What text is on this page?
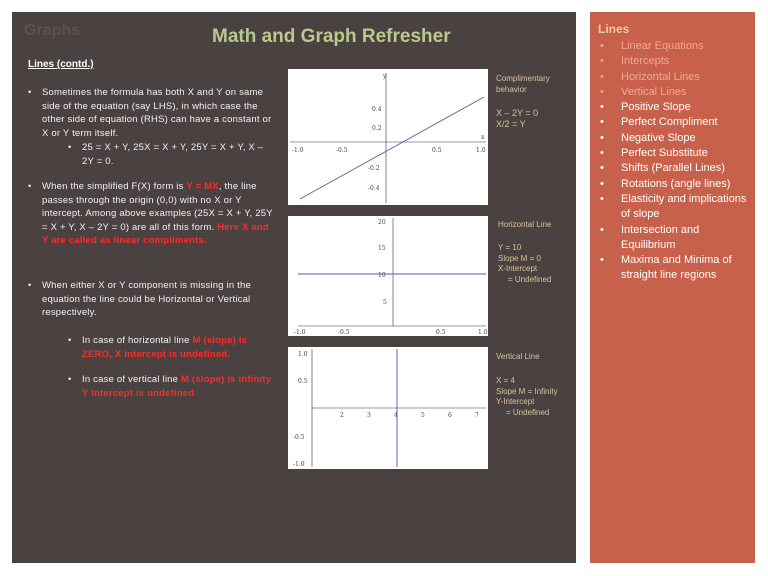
Graphs	Math and Graph Refresher
Lines (contd.)
• Sometimes the formula has both X and Y on same side of the equation (say LHS), in which case the other side of equation (RHS) can have a constant or X or Y term itself.
• 25 = X + Y, 25X = X + Y, 25Y = X + Y, X – 2Y = 0.
• When the simplified F(X) form is Y = MX, the line passes through the origin (0,0) with no X or Y intercept. Among above examples (25X = X + Y, 25Y = X + Y, X – 2Y = 0) are all of this form. Here X and Y are called as linear compliments.
• When either X or Y component is missing in the equation the line could be Horizontal or Vertical respectively.
• In case of horizontal line M (slope) is ZERO, X intercept is undefined.
• In case of vertical line M (slope) is infinity Y intercept is undefined
x
y
-1.0	-0.5	0.5	1.0
0.4
0.2
-0.2
-0.4
Complimentary
behavior
X – 2Y = 0
X/2 = Y
-1.0	-0.5	0.5	1.0
20
15
10
5
Horizontal Line
Y = 10
Slope M = 0
X-Intercept
= Undefined
2	3	4	5	6	7
1.0
0.5
-0.5
-1.0
Vertical Line
X = 4
Slope M = Infinity
Y-Intercept
= Undefined
Lines
• Linear Equations
• Intercepts
• Horizontal Lines
• Vertical Lines
• Positive Slope
• Perfect Compliment
• Negative Slope
• Perfect Substitute
• Shifts (Parallel Lines)
• Rotations (angle lines)
• Elasticity and implications of slope
• Intersection and Equilibrium
• Maxima and Minima of straight line regions
